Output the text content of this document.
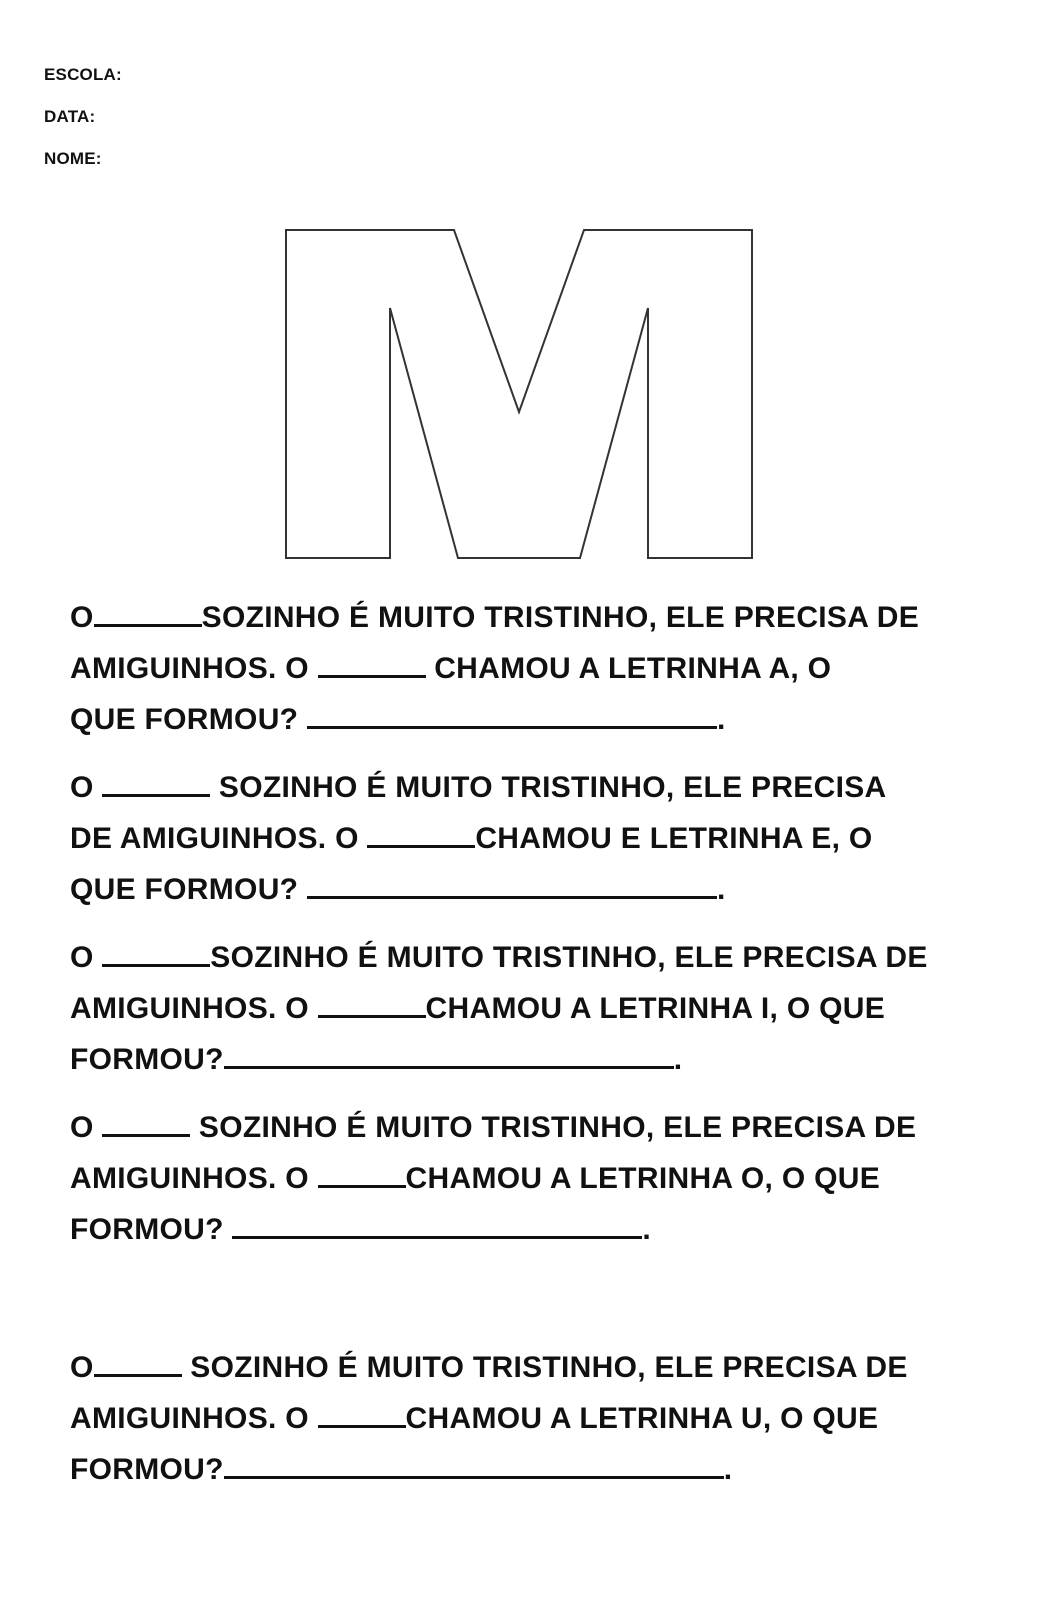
ESCOLA:
DATA:
NOME:
O	SOZINHO É MUITO TRISTINHO, ELE PRECISA DE
AMIGUINHOS. O	CHAMOU A LETRINHA A, O
QUE FORMOU?	.
O	SOZINHO É MUITO TRISTINHO, ELE PRECISA
DE AMIGUINHOS. O	CHAMOU E LETRINHA E, O
QUE FORMOU?	.
O	SOZINHO É MUITO TRISTINHO, ELE PRECISA DE
AMIGUINHOS. O	CHAMOU A LETRINHA I, O QUE
FORMOU?	.
O	SOZINHO É MUITO TRISTINHO, ELE PRECISA DE
AMIGUINHOS. O	CHAMOU A LETRINHA O, O QUE
FORMOU?	.
O	SOZINHO É MUITO TRISTINHO, ELE PRECISA DE
AMIGUINHOS. O	CHAMOU A LETRINHA U, O QUE
FORMOU?	.
